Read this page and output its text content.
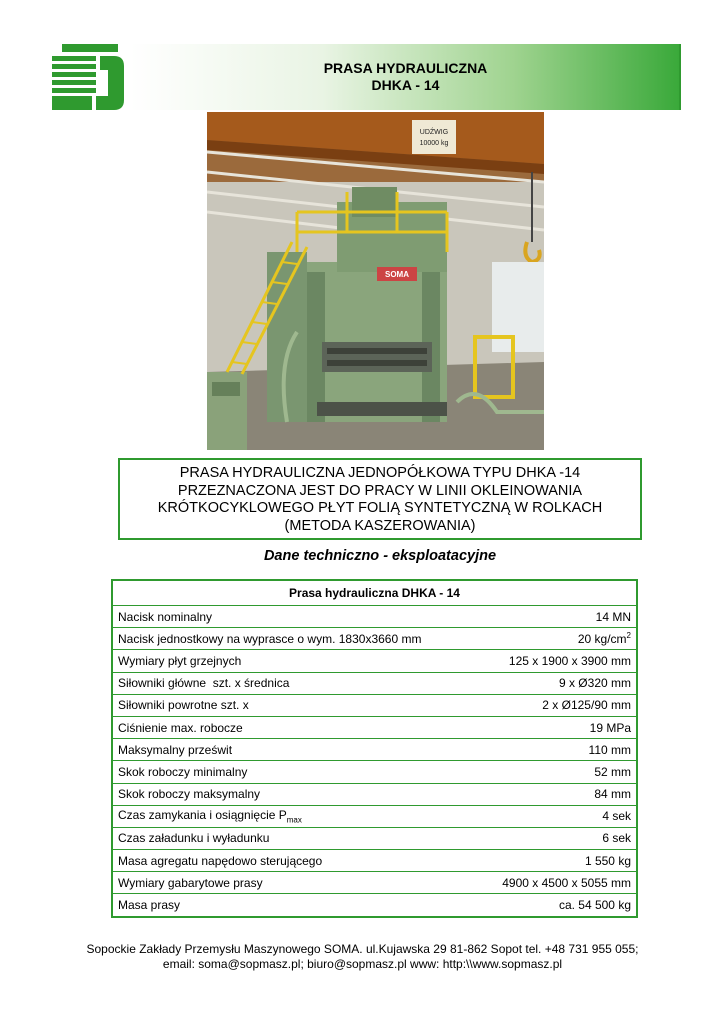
PRASA HYDRAULICZNA
DHKA - 14
UDŹWIG
10000 kg
SOMA
PRASA HYDRAULICZNA JEDNOPÓŁKOWA TYPU DHKA -14
PRZEZNACZONA JEST DO PRACY W LINII OKLEINOWANIA
KRÓTKOCYKLOWEGO PŁYT FOLIĄ SYNTETYCZNĄ W ROLKACH
(METODA KASZEROWANIA)
Dane techniczno - eksploatacyjne
Prasa hydrauliczna DHKA - 14	
Nacisk nominalny	14 MN
Nacisk jednostkowy na wyprasce o wym. 1830x3660 mm	20 $kg/cm^2$
Wymiary płyt grzejnych	125 x 1900 x 3900 mm
Siłowniki główne  szt. x średnica	9 x Ø320 mm
Siłowniki powrotne szt. x	2 x Ø125/90 mm
Ciśnienie max. robocze	19 MPa
Maksymalny prześwit	110 mm
Skok roboczy minimalny	52 mm
Skok roboczy maksymalny	84 mm
Czas zamykania i osiągnięcie $P_{max}$	4 sek
Czas załadunku i wyładunku	6 sek
Masa agregatu napędowo sterującego	1 550 kg
Wymiary gabarytowe prasy	4900 x 4500 x 5055 mm
Masa prasy	ca. 54 500 kg
Sopockie Zakłady Przemysłu Maszynowego SOMA. ul.Kujawska 29 81-862 Sopot tel. +48 731 955 055;
email: soma@sopmasz.pl; biuro@sopmasz.pl www: http:\\www.sopmasz.pl
